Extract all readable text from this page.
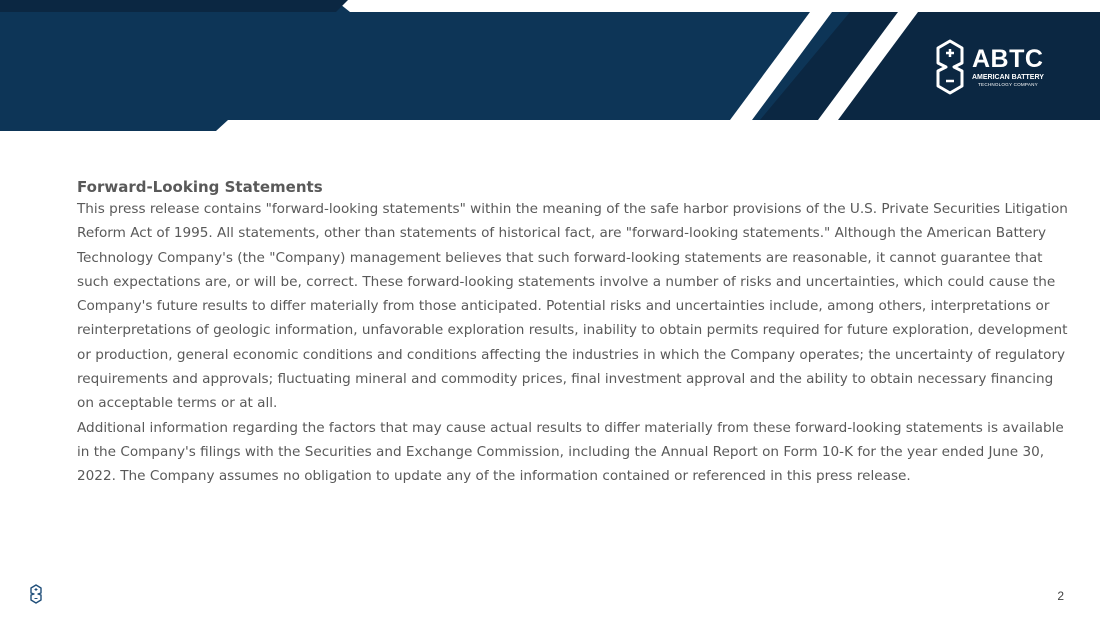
ABTC
AMERICAN BATTERY
TECHNOLOGY COMPANY
Forward-Looking Statements

This press release contains "forward-looking statements" within the meaning of the safe harbor provisions of the U.S. Private Securities Litigation Reform Act of 1995. All statements, other than statements of historical fact, are "forward-looking statements." Although the American Battery Technology Company's (the "Company) management believes that such forward-looking statements are reasonable, it cannot guarantee that such expectations are, or will be, correct. These forward-looking statements involve a number of risks and uncertainties, which could cause the Company's future results to differ materially from those anticipated. Potential risks and uncertainties include, among others, interpretations or reinterpretations of geologic information, unfavorable exploration results, inability to obtain permits required for future exploration, development or production, general economic conditions and conditions affecting the industries in which the Company operates; the uncertainty of regulatory requirements and approvals; fluctuating mineral and commodity prices, final investment approval and the ability to obtain necessary financing on acceptable terms or at all.

Additional information regarding the factors that may cause actual results to differ materially from these forward-looking statements is available in the Company's filings with the Securities and Exchange Commission, including the Annual Report on Form 10-K for the year ended June 30, 2022. The Company assumes no obligation to update any of the information contained or referenced in this press release.

2
